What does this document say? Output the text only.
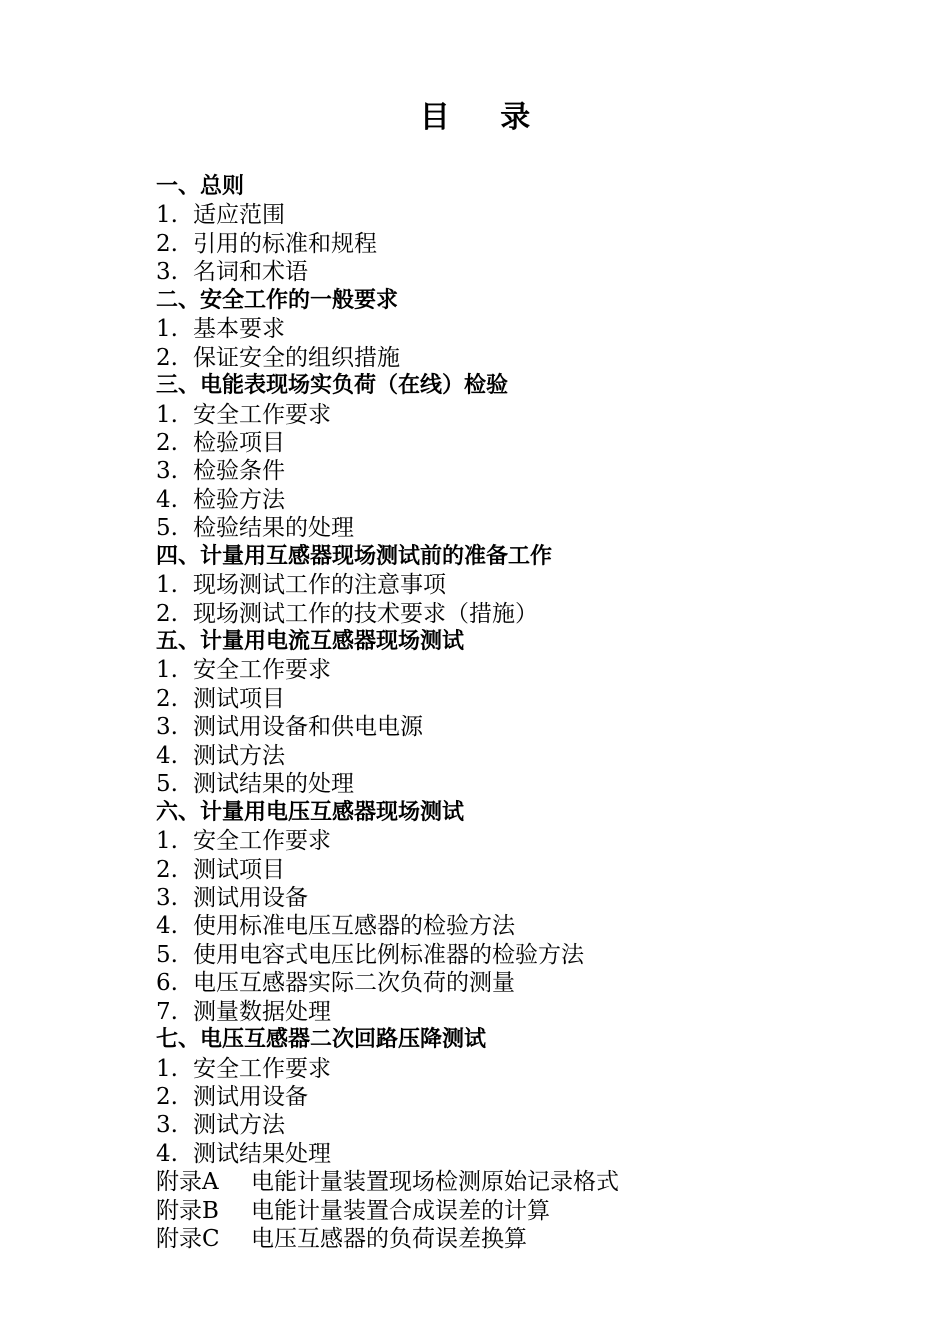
目 录
一、总则
1. 适应范围
2. 引用的标准和规程
3. 名词和术语
二、安全工作的一般要求
1. 基本要求
2. 保证安全的组织措施
三、电能表现场实负荷（在线）检验
1. 安全工作要求
2. 检验项目
3. 检验条件
4. 检验方法
5. 检验结果的处理
四、计量用互感器现场测试前的准备工作
1. 现场测试工作的注意事项
2. 现场测试工作的技术要求（措施）
五、计量用电流互感器现场测试
1. 安全工作要求
2. 测试项目
3. 测试用设备和供电电源
4. 测试方法
5. 测试结果的处理
六、计量用电压互感器现场测试
1. 安全工作要求
2. 测试项目
3. 测试用设备
4. 使用标准电压互感器的检验方法
5. 使用电容式电压比例标准器的检验方法
6. 电压互感器实际二次负荷的测量
7. 测量数据处理
七、电压互感器二次回路压降测试
1. 安全工作要求
2. 测试用设备
3. 测试方法
4. 测试结果处理
附录A 电能计量装置现场检测原始记录格式
附录B 电能计量装置合成误差的计算
附录C 电压互感器的负荷误差换算
